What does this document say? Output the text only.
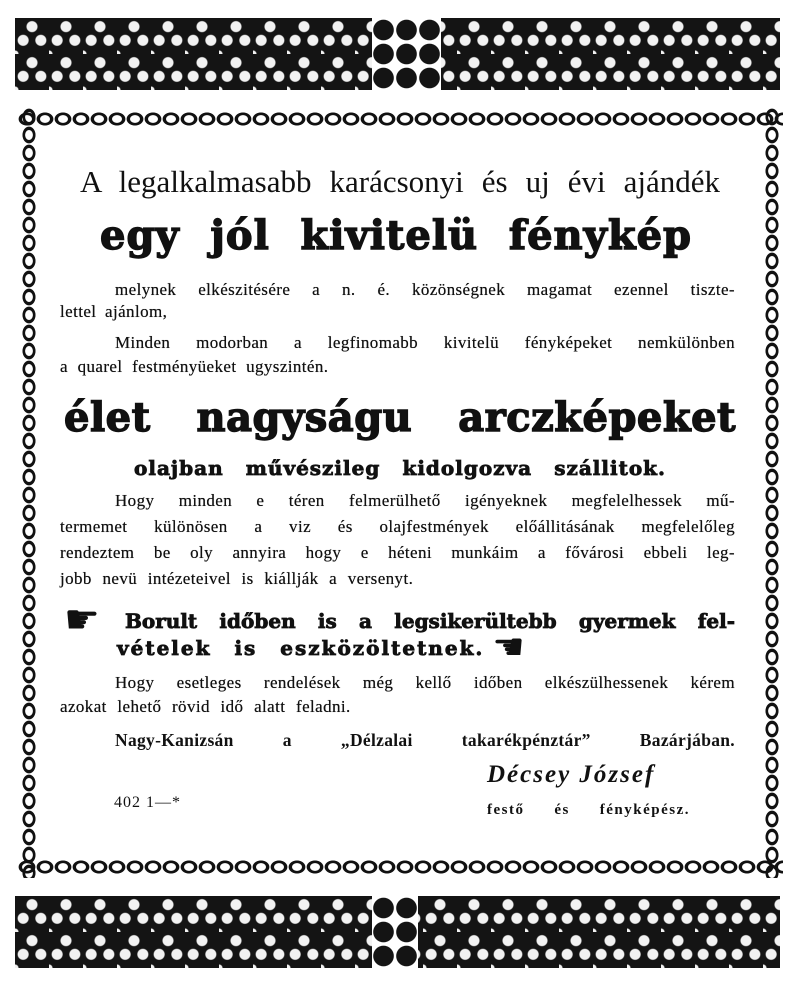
A legalkalmasabb karácsonyi és uj évi ajándék
egy jól kivitelü fénykép
melynek elkészitésére a n. é. közönségnek magamat ezennel tiszte-
lettel ajánlom,
Minden modorban a legfinomabb kivitelü fényképeket nemkülönben
a quarel festményüeket ugyszintén.
élet nagyságu arczképeket
olajban művészileg kidolgozva szállitok.
Hogy minden e téren felmerülhető igényeknek megfelelhessek mű-
termemet különösen a viz és olajfestmények előállitásának megfelelőleg
rendeztem be oly annyira hogy e héteni munkáim a fővárosi ebbeli leg-
jobb nevü intézeteivel is kiállják a versenyt.
☛
Borult időben is a legsikerültebb gyermek fel-
vételek is eszközöltetnek.☚
Hogy esetleges rendelések még kellő időben elkészülhessenek kérem
azokat lehető rövid idő alatt feladni.
Nagy-Kanizsán a „Délzalai takarékpénztár” Bazárjában.
Décsey József
402 1—*	festő és fényképész.
